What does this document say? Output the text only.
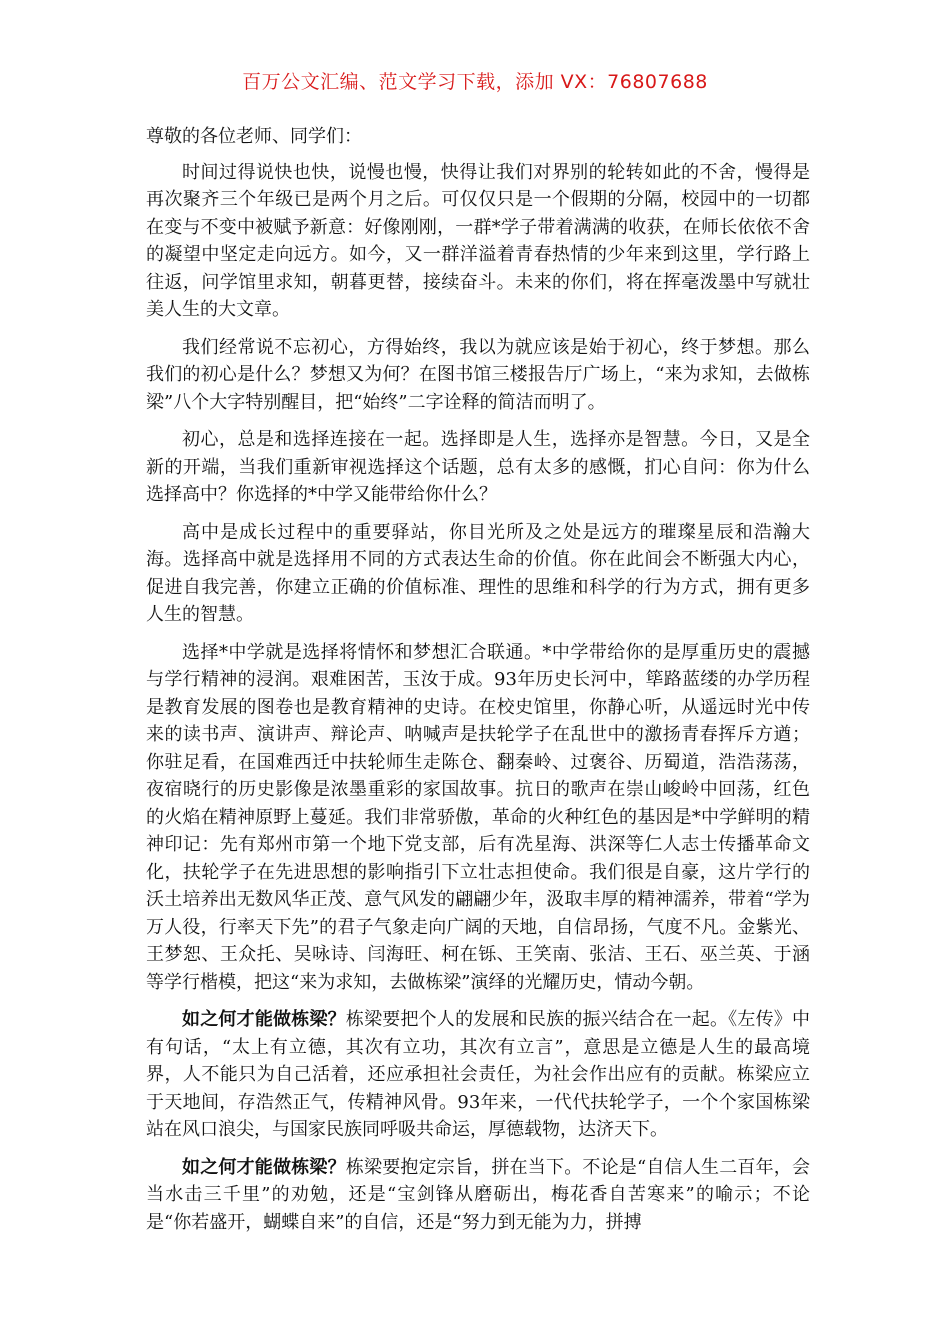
百万公文汇编、范文学习下载，添加 VX：76807688

尊敬的各位老师、同学们：

时间过得说快也快，说慢也慢，快得让我们对界别的轮转如此的不舍，慢得是再次聚齐三个年级已是两个月之后。可仅仅只是一个假期的分隔，校园中的一切都在变与不变中被赋予新意：好像刚刚，一群*学子带着满满的收获，在师长依依不舍的凝望中坚定走向远方。如今，又一群洋溢着青春热情的少年来到这里，学行路上往返，问学馆里求知，朝暮更替，接续奋斗。未来的你们，将在挥毫泼墨中写就壮美人生的大文章。

我们经常说不忘初心，方得始终，我以为就应该是始于初心，终于梦想。那么我们的初心是什么？梦想又为何？在图书馆三楼报告厅广场上，“来为求知，去做栋梁”八个大字特别醒目，把“始终”二字诠释的简洁而明了。

初心，总是和选择连接在一起。选择即是人生，选择亦是智慧。今日，又是全新的开端，当我们重新审视选择这个话题，总有太多的感慨，扪心自问：你为什么选择高中？你选择的*中学又能带给你什么？

高中是成长过程中的重要驿站，你目光所及之处是远方的璀璨星辰和浩瀚大海。选择高中就是选择用不同的方式表达生命的价值。你在此间会不断强大内心，促进自我完善，你建立正确的价值标准、理性的思维和科学的行为方式，拥有更多人生的智慧。

选择*中学就是选择将情怀和梦想汇合联通。*中学带给你的是厚重历史的震撼与学行精神的浸润。艰难困苦，玉汝于成。93年历史长河中，筚路蓝缕的办学历程是教育发展的图卷也是教育精神的史诗。在校史馆里，你静心听，从遥远时光中传来的读书声、演讲声、辩论声、呐喊声是扶轮学子在乱世中的激扬青春挥斥方遒；你驻足看，在国难西迁中扶轮师生走陈仓、翻秦岭、过褒谷、历蜀道，浩浩荡荡，夜宿晓行的历史影像是浓墨重彩的家国故事。抗日的歌声在崇山峻岭中回荡，红色的火焰在精神原野上蔓延。我们非常骄傲，革命的火种红色的基因是*中学鲜明的精神印记：先有郑州市第一个地下党支部，后有冼星海、洪深等仁人志士传播革命文化，扶轮学子在先进思想的影响指引下立壮志担使命。我们很是自豪，这片学行的沃土培养出无数风华正茂、意气风发的翩翩少年，汲取丰厚的精神濡养，带着“学为万人役，行率天下先”的君子气象走向广阔的天地，自信昂扬，气度不凡。金紫光、王梦恕、王众托、吴咏诗、闫海旺、柯在铄、王笑南、张洁、王石、巫兰英、于涵等学行楷模，把这“来为求知，去做栋梁”演绎的光耀历史，情动今朝。

如之何才能做栋梁？栋梁要把个人的发展和民族的振兴结合在一起。《左传》中有句话，“太上有立德，其次有立功，其次有立言”，意思是立德是人生的最高境界，人不能只为自己活着，还应承担社会责任，为社会作出应有的贡献。栋梁应立于天地间，存浩然正气，传精神风骨。93年来，一代代扶轮学子，一个个家国栋梁站在风口浪尖，与国家民族同呼吸共命运，厚德载物，达济天下。

如之何才能做栋梁？栋梁要抱定宗旨，拼在当下。不论是“自信人生二百年，会当水击三千里”的劝勉，还是“宝剑锋从磨砺出，梅花香自苦寒来”的喻示；不论是“你若盛开，蝴蝶自来”的自信，还是“努力到无能为力，拼搏
